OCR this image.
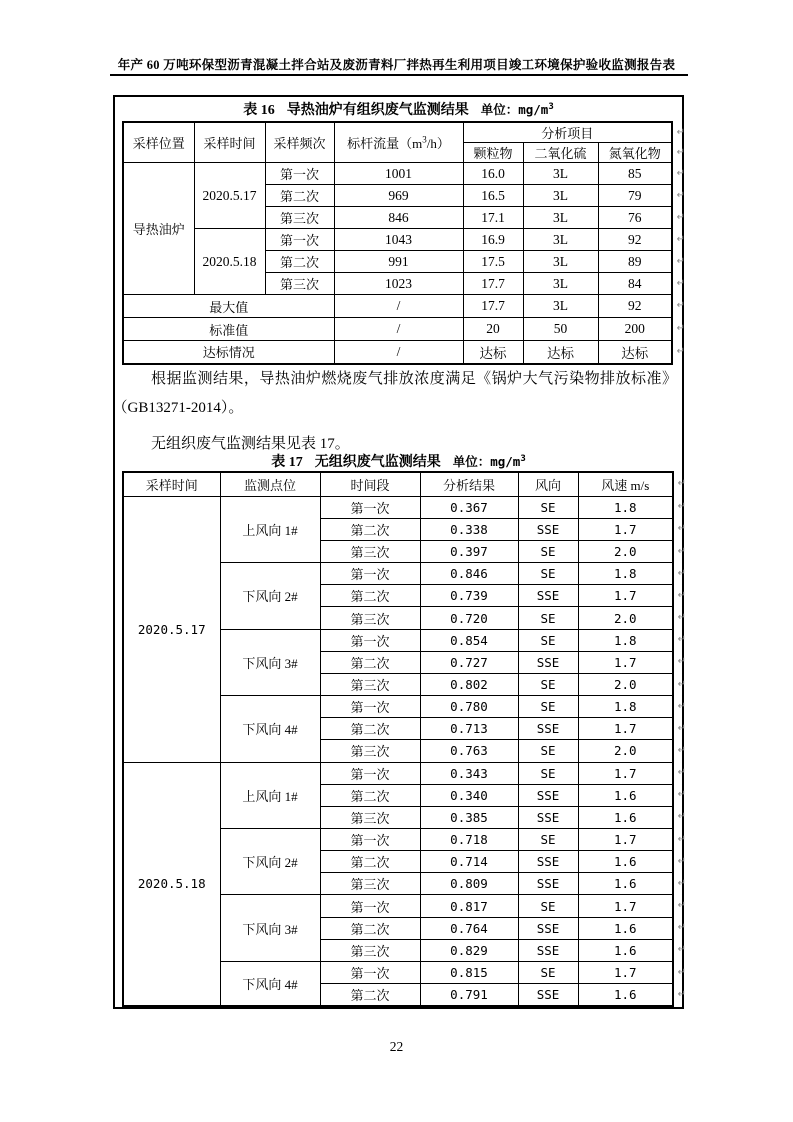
年产 60 万吨环保型沥青混凝土拌合站及废沥青料厂拌热再生利用项目竣工环境保护验收监测报告表
表 16 导热油炉有组织废气监测结果 单位：$mg/m^3$
采样位置	采样时间	采样频次	标杆流量$(m^3/h)$	分析项目 ↵		

				颗粒物	二氧化硫	氮氧化物 ↵

导热油炉	2020.5.17	第一次	1001	16.0	3L	85 ↵

		第二次	969	16.5	3L	79 ↵

		第三次	846	17.1	3L	76 ↵

	2020.5.18	第一次	1043	16.9	3L	92 ↵

		第二次	991	17.5	3L	89 ↵

		第三次	1023	17.7	3L	84 ↵

最大值			/	17.7	3L	92 ↵

标准值			/	20	50	200 ↵

达标情况			/	达标	达标	达标 ↵
根据监测结果，导热油炉燃烧废气排放浓度满足《锅炉大气污染物排放标准》（GB13271-2014）。
无组织废气监测结果见表 17。
表 17 无组织废气监测结果 单位：$mg/m^3$
采样时间	监测点位	时间段	分析结果	风向	风速 m/s ↵

2020.5.17	上风向 1#	第一次	0.367	SE	1.8 ↵

		第二次	0.338	SSE	1.7 ↵

		第三次	0.397	SE	2.0 ↵

	下风向 2#	第一次	0.846	SE	1.8 ↵

		第二次	0.739	SSE	1.7 ↵

		第三次	0.720	SE	2.0 ↵

	下风向 3#	第一次	0.854	SE	1.8 ↵

		第二次	0.727	SSE	1.7 ↵

		第三次	0.802	SE	2.0 ↵

	下风向 4#	第一次	0.780	SE	1.8 ↵

		第二次	0.713	SSE	1.7 ↵

		第三次	0.763	SE	2.0 ↵

2020.5.18	上风向 1#	第一次	0.343	SE	1.7 ↵

		第二次	0.340	SSE	1.6 ↵

		第三次	0.385	SSE	1.6 ↵

	下风向 2#	第一次	0.718	SE	1.7 ↵

		第二次	0.714	SSE	1.6 ↵

		第三次	0.809	SSE	1.6 ↵

	下风向 3#	第一次	0.817	SE	1.7 ↵

		第二次	0.764	SSE	1.6 ↵

		第三次	0.829	SSE	1.6 ↵

	下风向 4#	第一次	0.815	SE	1.7 ↵

		第二次	0.791	SSE	1.6 ↵
22
